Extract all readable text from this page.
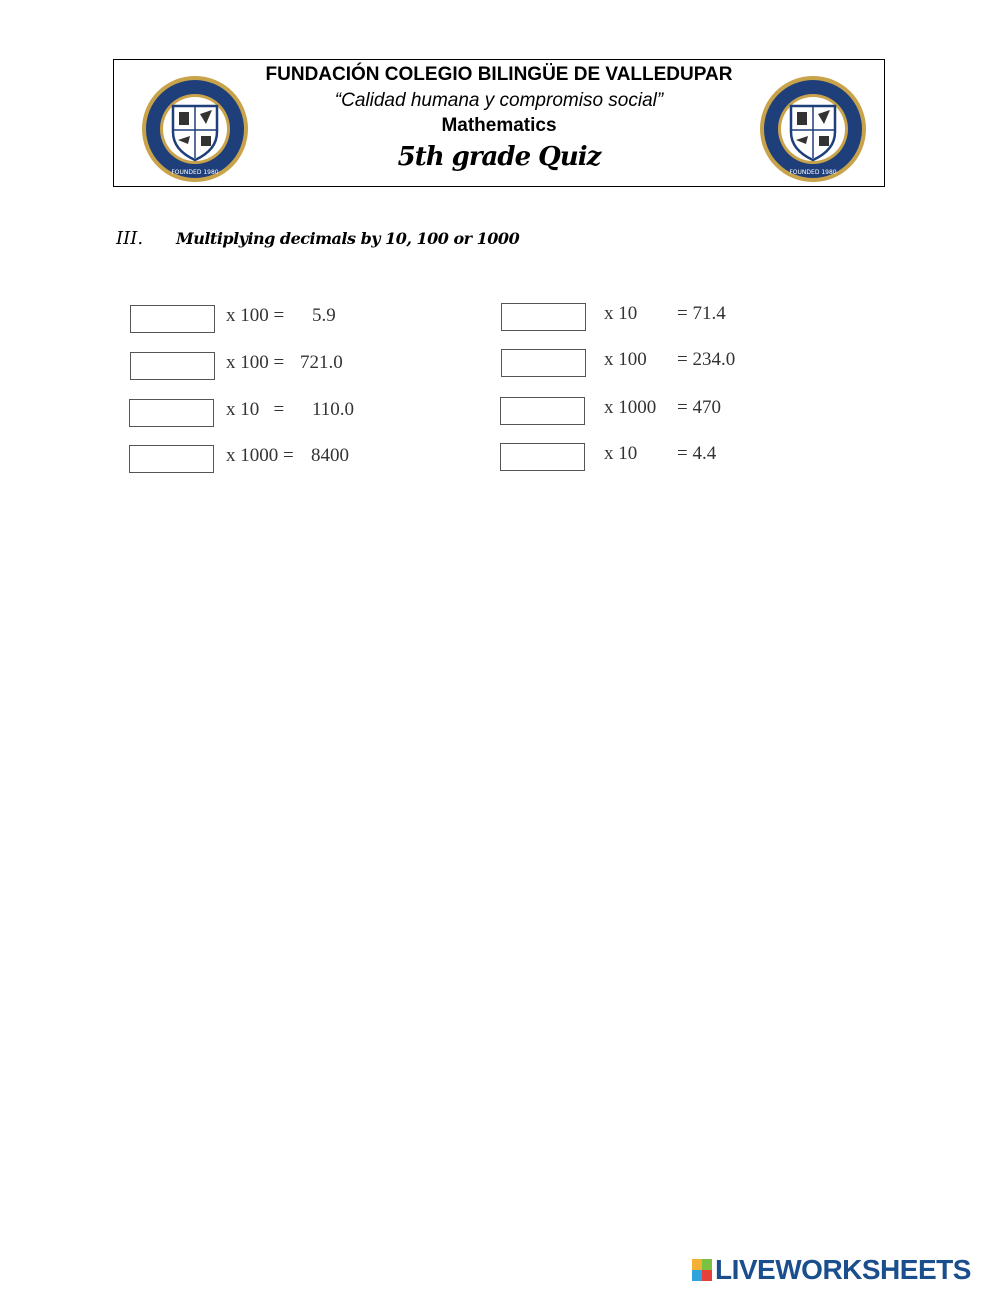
FOUNDED 1980	FOUNDED 1980
FUNDACIÓN COLEGIO BILINGÜE DE VALLEDUPAR
“Calidad humana y compromiso social”
Mathematics
5th grade Quiz
III. Multiplying decimals by 10, 100 or 1000
x 100 = 5.9
x 100 = 721.0
x 10   = 110.0
x 1000 = 8400
x 10 = 71.4
x 100 = 234.0
x 1000 = 470
x 10 = 4.4
LIVEWORKSHEETS
